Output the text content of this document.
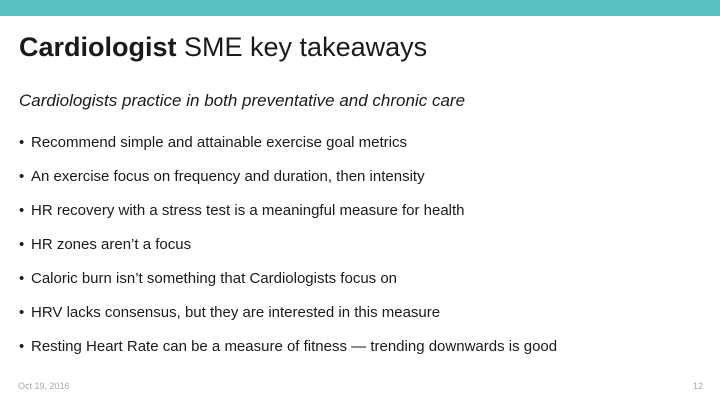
Cardiologist SME key takeaways
Cardiologists practice in both preventative and chronic care
• Recommend simple and attainable exercise goal metrics
• An exercise focus on frequency and duration, then intensity
• HR recovery with a stress test is a meaningful measure for health
• HR zones aren’t a focus
• Caloric burn isn’t something that Cardiologists focus on
• HRV lacks consensus, but they are interested in this measure
• Resting Heart Rate can be a measure of fitness — trending downwards is good
Oct 19, 2016	12
